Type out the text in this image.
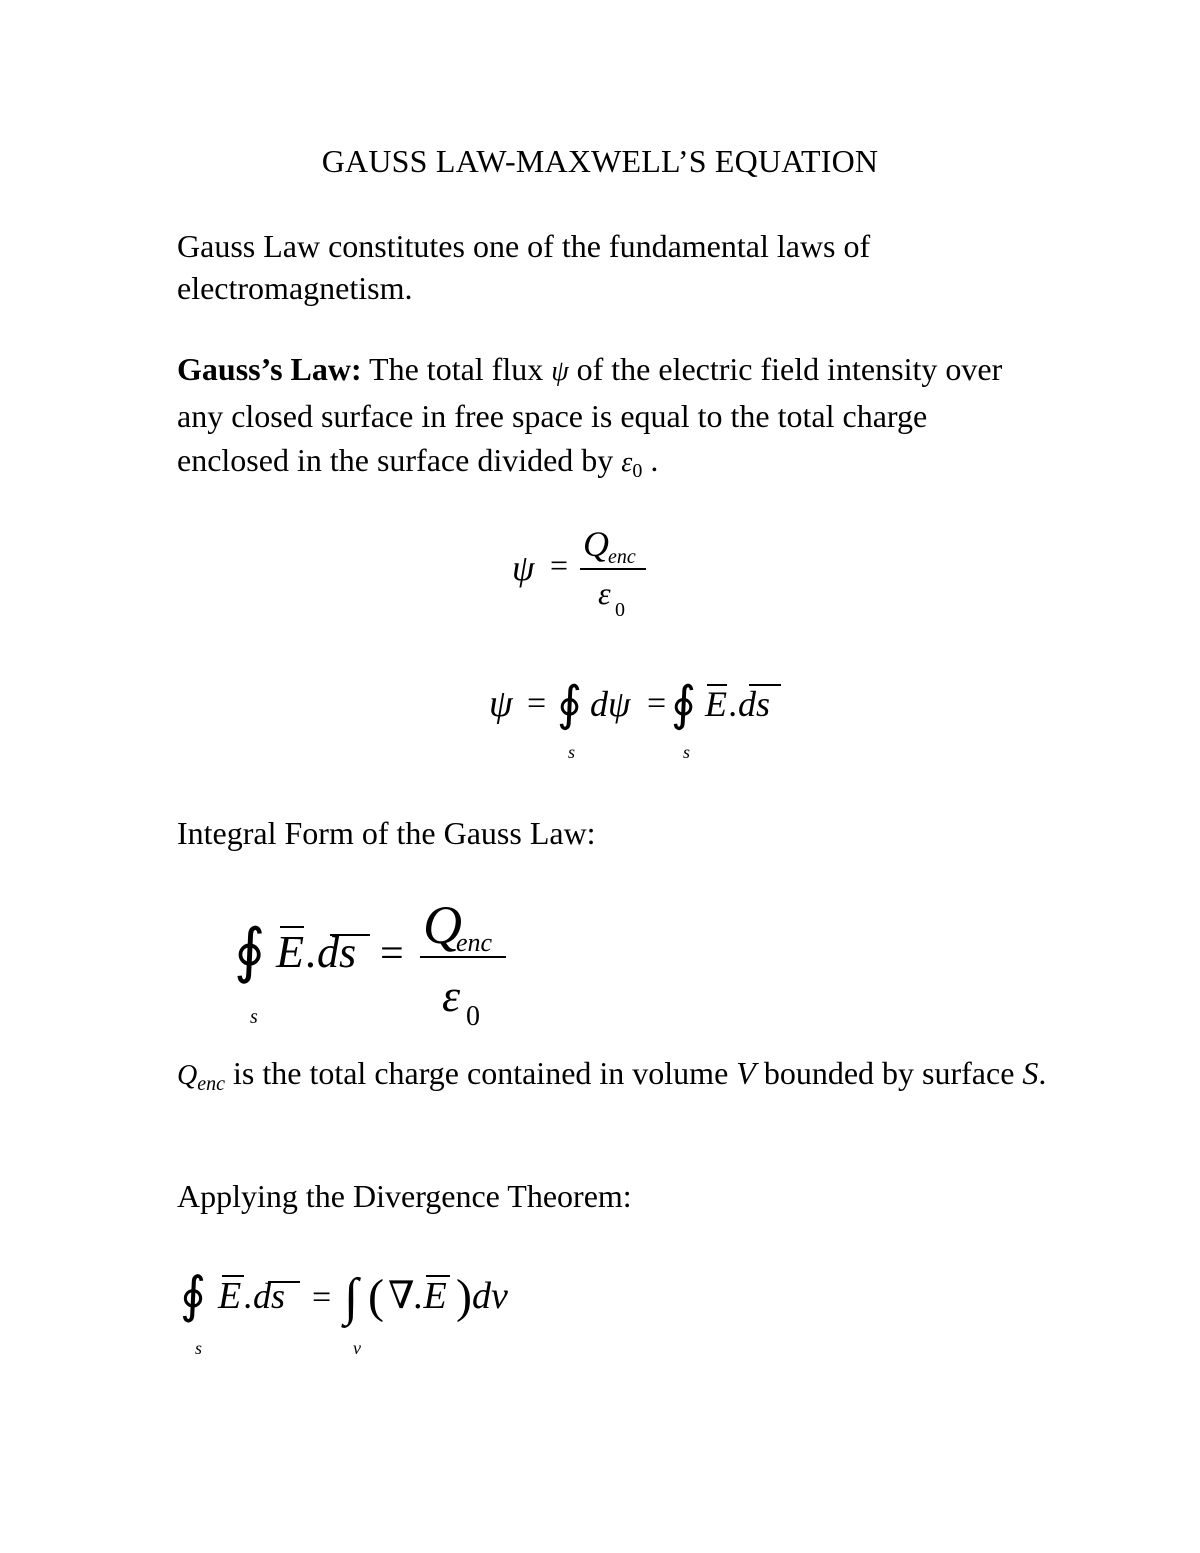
GAUSS LAW-MAXWELL’S EQUATION
Gauss Law constitutes one of the fundamental laws of electromagnetism.
Gauss’s Law: The total flux ψ of the electric field intensity over any closed surface in free space is equal to the total charge enclosed in the surface divided by $\varepsilon_0$ .
ψ =
Q enc
ε 0
ψ = ∮ dψ = ∮ E .ds
s	s
Integral Form of the Gauss Law:
∮ E .ds = Q
enc
ε 0
s
Qenc is the total charge contained in volume V bounded by surface S.
Applying the Divergence Theorem:
∮ E .ds = ∫ ( ∇ .E ) dv
s	v
